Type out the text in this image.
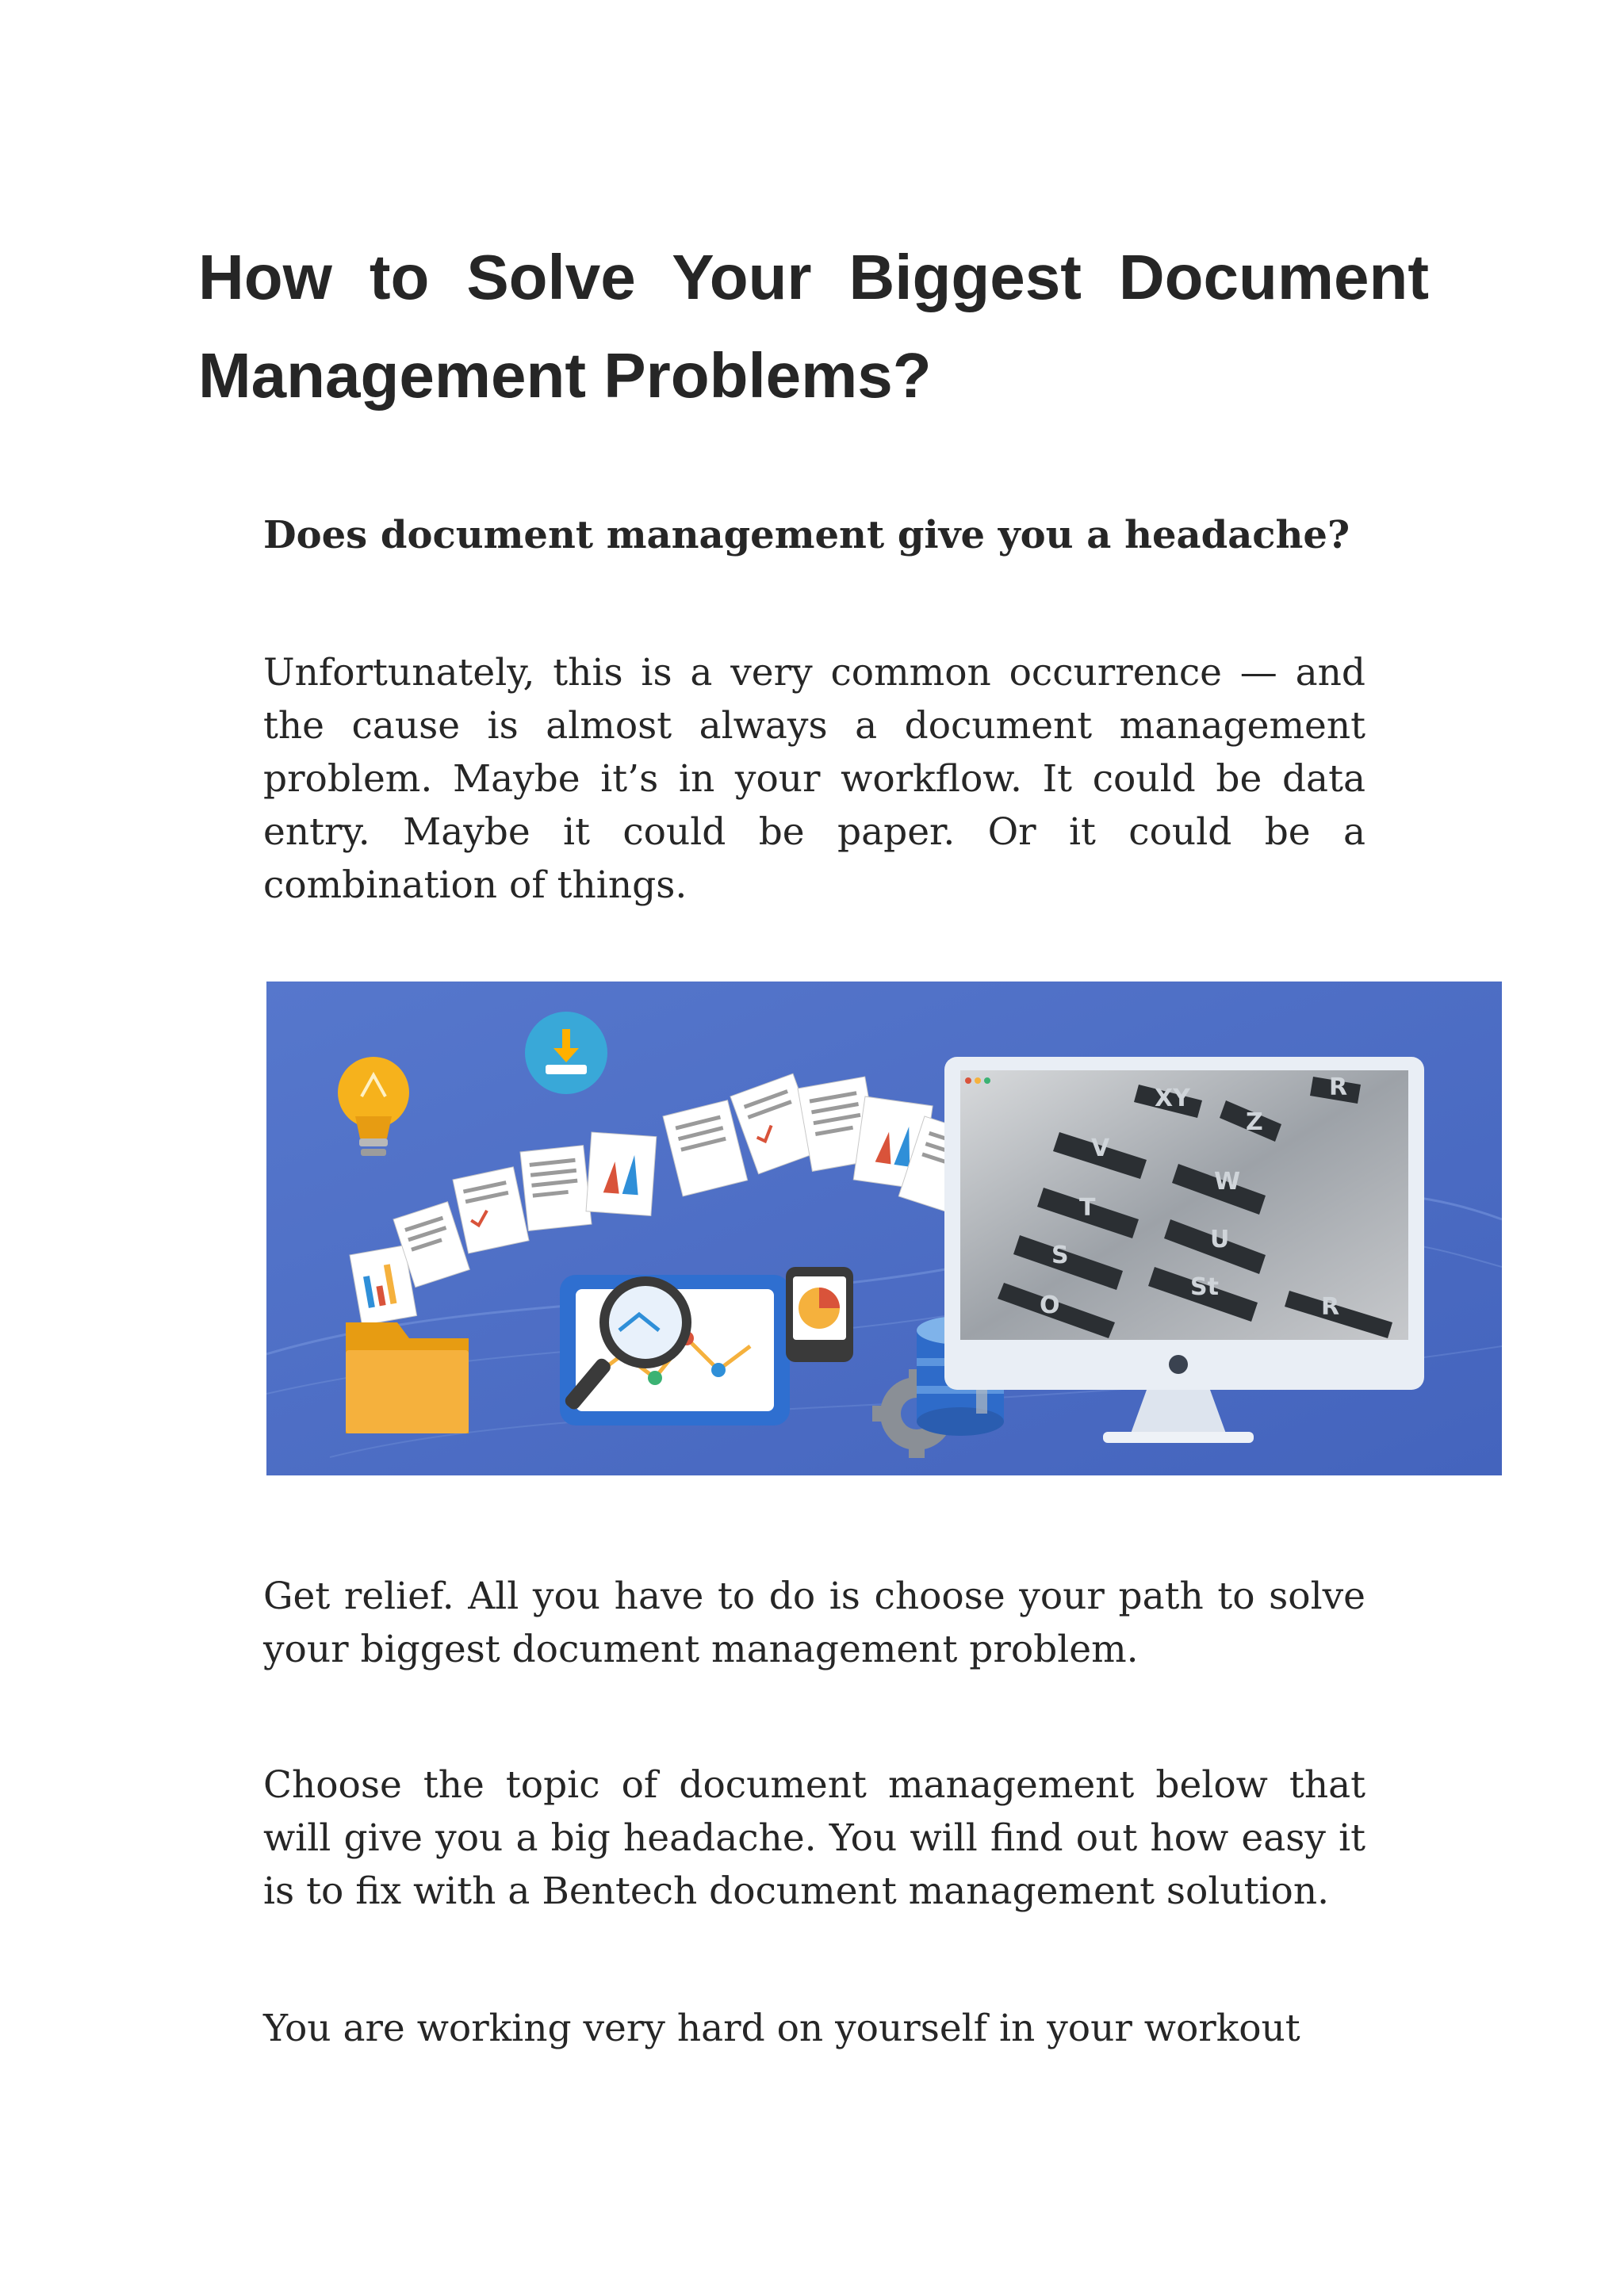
How to Solve Your Biggest Document Management Problems?
Does document management give you a headache?

Unfortunately, this is a very common occurrence — and the cause is almost always a document management problem. Maybe it’s in your workflow. It could be data entry. Maybe it could be paper. Or it could be a combination of things.

XY
Z
R
V
W
T
U
S
St
O	R

Get relief. All you have to do is choose your path to solve your biggest document management problem.

Choose the topic of document management below that will give you a big headache. You will find out how easy it is to fix with a Bentech document management solution.

You are working very hard on yourself in your workout
